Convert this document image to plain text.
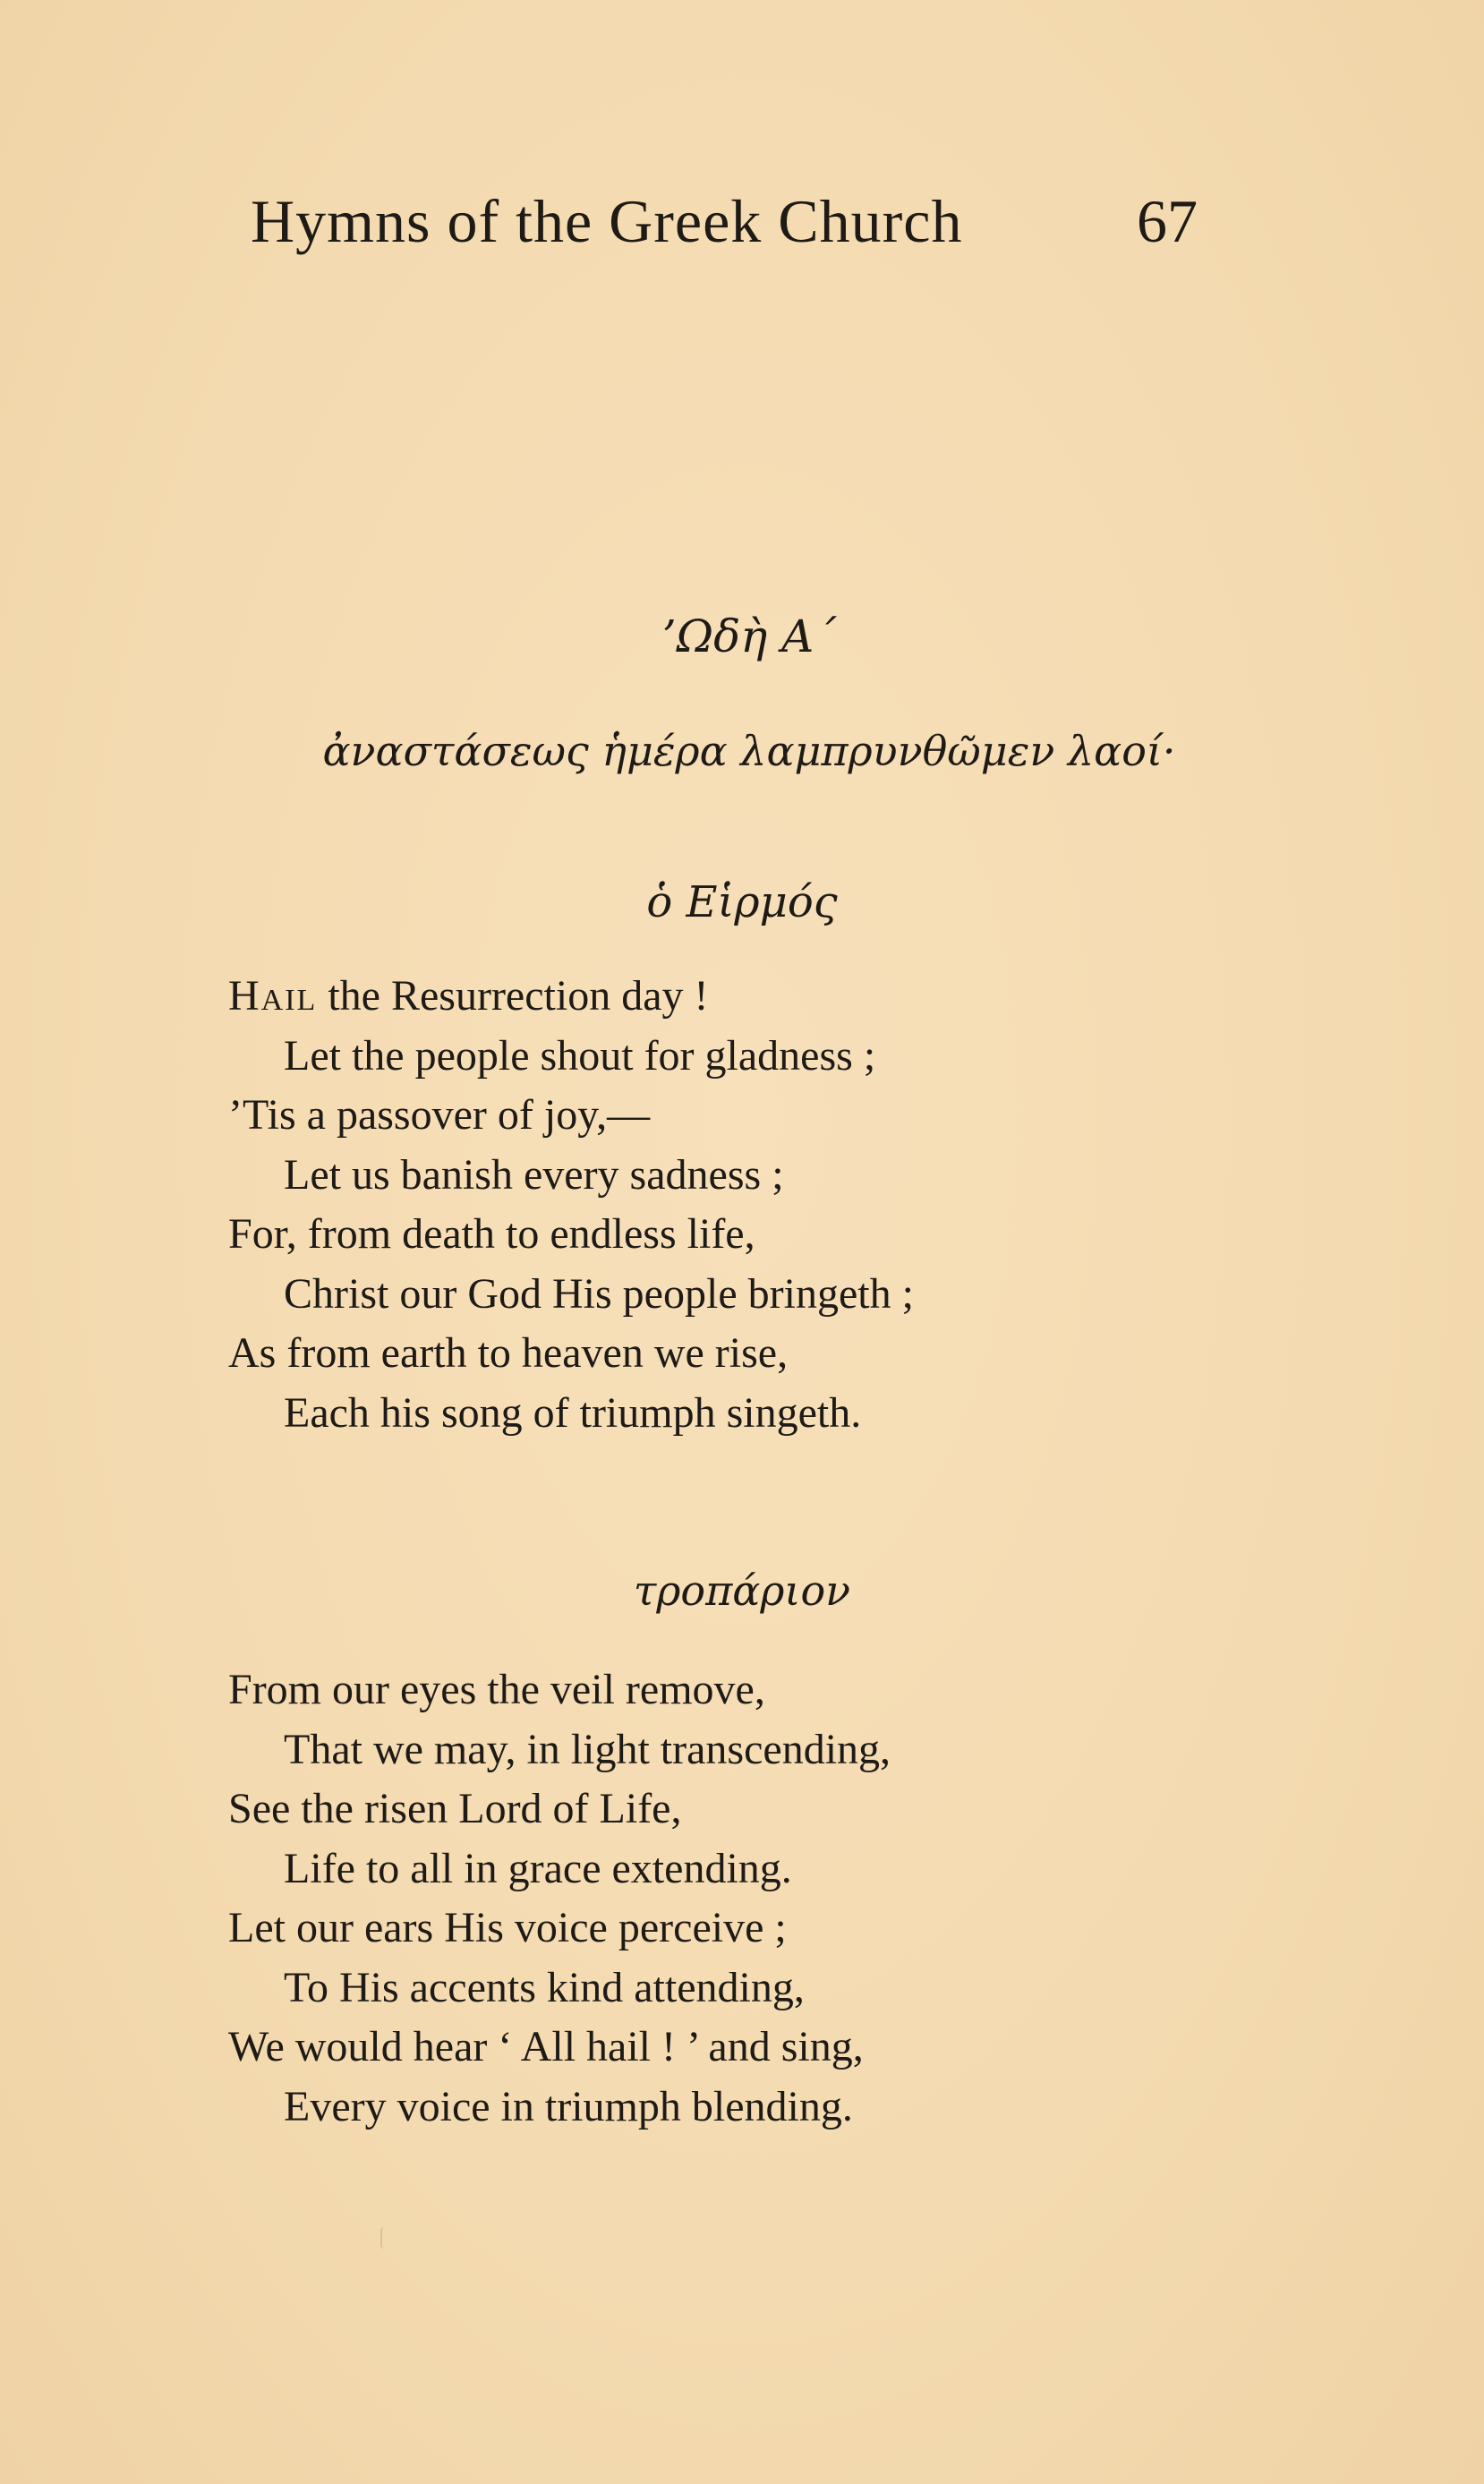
Hymns of the Greek Church	67
’Ωδὴ Α΄
ἀναστάσεως ἡμέρα λαμπρυνθῶμεν λαοί·
ὁ Εἱρμός
Hail the Resurrection day !
Let the people shout for gladness ;
’Tis a passover of joy,—
Let us banish every sadness ;
For, from death to endless life,
Christ our God His people bringeth ;
As from earth to heaven we rise,
Each his song of triumph singeth.
τροπάριον
From our eyes the veil remove,
That we may, in light transcending,
See the risen Lord of Life,
Life to all in grace extending.
Let our ears His voice perceive ;
To His accents kind attending,
We would hear ‘ All hail ! ’ and sing,
Every voice in triumph blending.
